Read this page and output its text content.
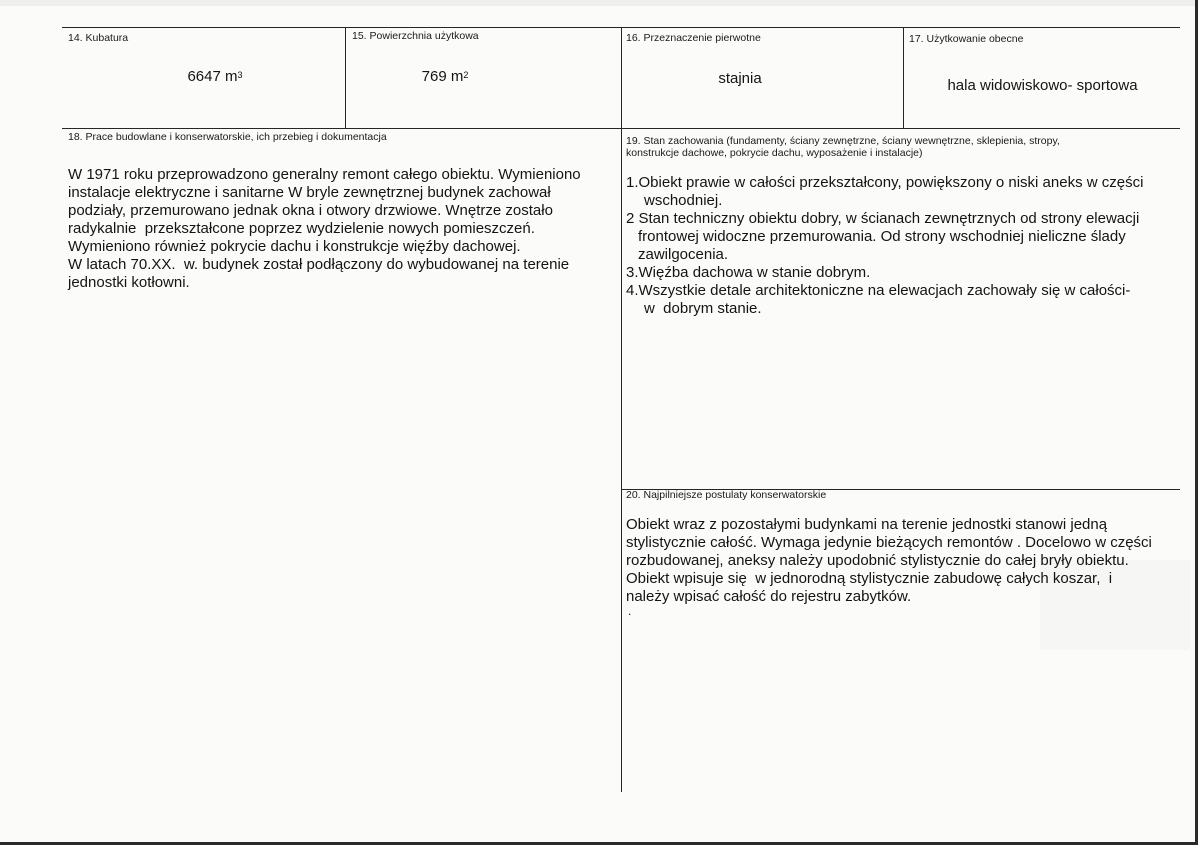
14. Kubatura
6647 $m^3$
15. Powierzchnia użytkowa
769 $m^2$
16. Przeznaczenie pierwotne
stajnia
17. Użytkowanie obecne
hala widowiskowo- sportowa
18. Prace budowlane i konserwatorskie, ich przebieg i dokumentacja

W 1971 roku przeprowadzono generalny remont całego obiektu. Wymieniono
instalacje elektryczne i sanitarne W bryle zewnętrznej budynek zachował
podziały, przemurowano jednak okna i otwory drzwiowe. Wnętrze zostało
radykalnie  przekształcone poprzez wydzielenie nowych pomieszczeń.
Wymieniono również pokrycie dachu i konstrukcje więźby dachowej.
W latach 70.XX.  w. budynek został podłączony do wybudowanej na terenie
jednostki kotłowni.

19. Stan zachowania (fundamenty, ściany zewnętrzne, ściany wewnętrzne, sklepienia, stropy,
konstrukcje dachowe, pokrycie dachu, wyposażenie i instalacje)
1.Obiekt prawie w całości przekształcony, powiększony o niski aneks w części
wschodniej.
2 Stan techniczny obiektu dobry, w ścianach zewnętrznych od strony elewacji
frontowej widoczne przemurowania. Od strony wschodniej nieliczne ślady
zawilgocenia.
3.Więźba dachowa w stanie dobrym.
4.Wszystkie detale architektoniczne na elewacjach zachowały się w całości-
w  dobrym stanie.
20. Najpilniejsze postulaty konserwatorskie

Obiekt wraz z pozostałymi budynkami na terenie jednostki stanowi jedną
stylistycznie całość. Wymaga jedynie bieżących remontów . Docelowo w części
rozbudowanej, aneksy należy upodobnić stylistycznie do całej bryły obiektu.
Obiekt wpisuje się  w jednorodną stylistycznie zabudowę całych koszar,  i
należy wpisać całość do rejestru zabytków.

.
